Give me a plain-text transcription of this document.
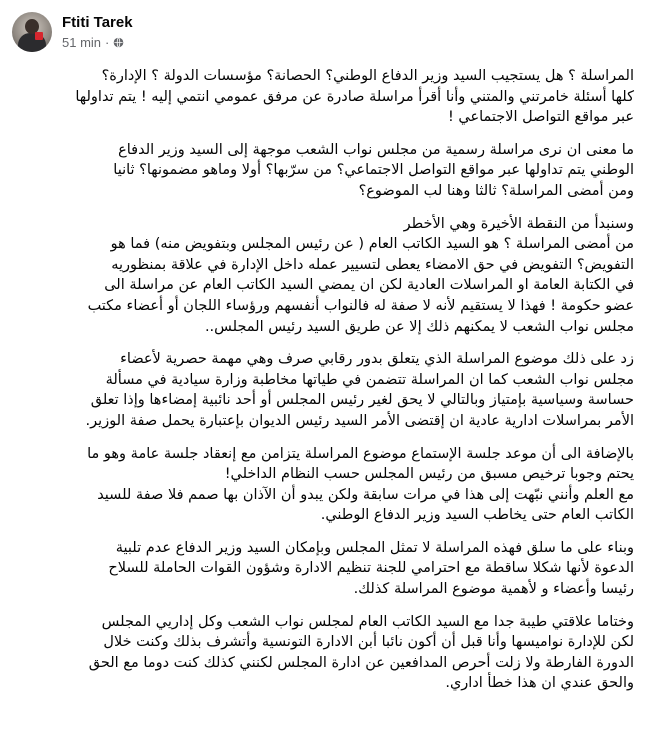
Ftiti Tarek
51 min ·

المراسلة ؟ هل يستجيب السيد وزير الدفاع الوطني؟ الحصانة؟ مؤسسات الدولة ؟ الإدارة؟
كلها أسئلة خامرتني والمتني وأنا أقرأ مراسلة صادرة عن مرفق عمومي انتمي إليه ! يتم تداولها
عبر مواقع التواصل الاجتماعي !

ما معنى ان نرى مراسلة رسمية من مجلس نواب الشعب موجهة إلى السيد وزير الدفاع
الوطني يتم تداولها عبر مواقع التواصل الاجتماعي؟ من سرّبها؟ أولا وماهو مضمونها؟ ثانيا
ومن أمضى المراسلة؟ ثالثا وهنا لب الموضوع؟

وسنبدأ من النقطة الأخيرة وهي الأخطر
من أمضى المراسلة ؟ هو السيد الكاتب العام ( عن رئيس المجلس وبتفويض منه) فما هو
التفويض؟ التفويض في حق الامضاء يعطى لتسيير عمله داخل الإدارة في علاقة بمنظوريه
في الكتابة العامة او المراسلات العادية لكن ان يمضي السيد الكاتب العام عن مراسلة الى
عضو حكومة ! فهذا لا يستقيم لأنه لا صفة له فالنواب أنفسهم ورؤساء اللجان أو أعضاء مكتب
مجلس نواب الشعب لا يمكنهم ذلك إلا عن طريق السيد رئيس المجلس..

زد على ذلك موضوع المراسلة الذي يتعلق بدور رقابي صرف وهي مهمة حصرية لأعضاء
مجلس نواب الشعب كما ان المراسلة تتضمن في طياتها مخاطبة وزارة سيادية في مسألة
حساسة وسياسية بإمتياز وبالتالي لا يحق لغير رئيس المجلس أو أحد نائبية إمضاءها وإذا تعلق
الأمر بمراسلات ادارية عادية ان إقتضى الأمر السيد رئيس الديوان بإعتبارة يحمل صفة الوزير.

بالإضافة الى أن موعد جلسة الإستماع موضوع المراسلة يتزامن مع إنعقاد جلسة عامة وهو ما
يحتم وجوبا ترخيص مسبق من رئيس المجلس حسب النظام الداخلي!
مع العلم وأنني نبّهت إلى هذا في مرات سابقة ولكن يبدو أن الآذان بها صمم فلا صفة للسيد
الكاتب العام حتى يخاطب السيد وزير الدفاع الوطني.

وبناء على ما سلق فهذه المراسلة لا تمثل المجلس وبإمكان السيد وزير الدفاع عدم تلبية
الدعوة لأنها شكلا ساقطة مع احترامي للجنة تنظيم الادارة وشؤون القوات الحاملة للسلاح
رئيسا وأعضاء و لأهمية موضوع المراسلة كذلك.

وختاما علاقتي طيبة جدا مع السيد الكاتب العام لمجلس نواب الشعب وكل إداريي المجلس
لكن للإدارة نواميسها وأنا قبل أن أكون نائبا أبن الادارة التونسية وأتشرف بذلك وكنت خلال
الدورة الفارطة ولا زلت أحرص المدافعين عن ادارة المجلس لكنني كذلك كنت دوما مع الحق
والحق عندي ان هذا خطأ اداري.
